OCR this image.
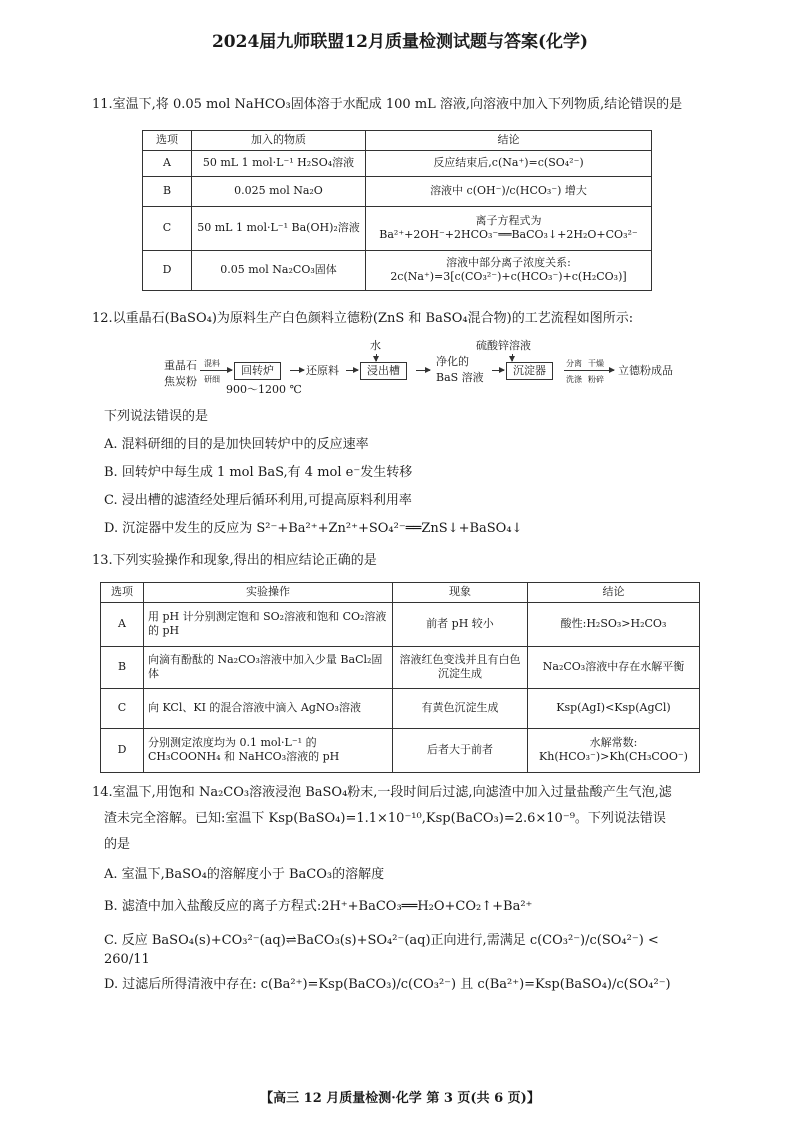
2024届九师联盟12月质量检测试题与答案(化学)
11.室温下,将 0.05 mol NaHCO₃固体溶于水配成 100 mL 溶液,向溶液中加入下列物质,结论错误的是
选项	加入的物质	结论
A	50 mL 1 mol·L⁻¹ H₂SO₄溶液	反应结束后,c(Na⁺)=c(SO₄²⁻)
B	0.025 mol Na₂O	溶液中 c(OH⁻)/c(HCO₃⁻) 增大
C	50 mL 1 mol·L⁻¹ Ba(OH)₂溶液	离子方程式为 Ba²⁺+2OH⁻+2HCO₃⁻══BaCO₃↓+2H₂O+CO₃²⁻
D	0.05 mol Na₂CO₃固体	溶液中部分离子浓度关系: 2c(Na⁺)=3[c(CO₃²⁻)+c(HCO₃⁻)+c(H₂CO₃)]
12.以重晶石(BaSO₄)为原料生产白色颜料立德粉(ZnS 和 BaSO₄混合物)的工艺流程如图所示:
重晶石
焦炭粉
混料
研细
回转炉
900～1200 ℃
还原料
水
浸出槽
净化的
BaS 溶液
硫酸锌溶液
沉淀器
分离
洗涤
干燥
粉碎
立德粉成品
下列说法错误的是
A. 混料研细的目的是加快回转炉中的反应速率
B. 回转炉中每生成 1 mol BaS,有 4 mol e⁻发生转移
C. 浸出槽的滤渣经处理后循环利用,可提高原料利用率
D. 沉淀器中发生的反应为 S²⁻+Ba²⁺+Zn²⁺+SO₄²⁻══ZnS↓+BaSO₄↓
13.下列实验操作和现象,得出的相应结论正确的是
选项	实验操作	现象	结论
A	用 pH 计分别测定饱和 SO₂溶液和饱和 CO₂溶液的 pH	前者 pH 较小	酸性:H₂SO₃>H₂CO₃
B	向滴有酚酞的 Na₂CO₃溶液中加入少量 BaCl₂固体	溶液红色变浅并且有白色沉淀生成	Na₂CO₃溶液中存在水解平衡
C	向 KCl、KI 的混合溶液中滴入 AgNO₃溶液	有黄色沉淀生成	Ksp(AgI)<Ksp(AgCl)
D	分别测定浓度均为 0.1 mol·L⁻¹ 的 CH₃COONH₄ 和 NaHCO₃溶液的 pH	后者大于前者	水解常数: Kh(HCO₃⁻)>Kh(CH₃COO⁻)
14.室温下,用饱和 Na₂CO₃溶液浸泡 BaSO₄粉末,一段时间后过滤,向滤渣中加入过量盐酸产生气泡,滤
渣未完全溶解。已知:室温下 Ksp(BaSO₄)=1.1×10⁻¹⁰,Ksp(BaCO₃)=2.6×10⁻⁹。下列说法错误
的是
A. 室温下,BaSO₄的溶解度小于 BaCO₃的溶解度
B. 滤渣中加入盐酸反应的离子方程式:2H⁺+BaCO₃══H₂O+CO₂↑+Ba²⁺
C. 反应 BaSO₄(s)+CO₃²⁻(aq)⇌BaCO₃(s)+SO₄²⁻(aq)正向进行,需满足 c(CO₃²⁻)/c(SO₄²⁻) < 260/11
D. 过滤后所得清液中存在: c(Ba²⁺)=Ksp(BaCO₃)/c(CO₃²⁻) 且 c(Ba²⁺)=Ksp(BaSO₄)/c(SO₄²⁻)
【高三 12 月质量检测·化学 第 3 页(共 6 页)】
